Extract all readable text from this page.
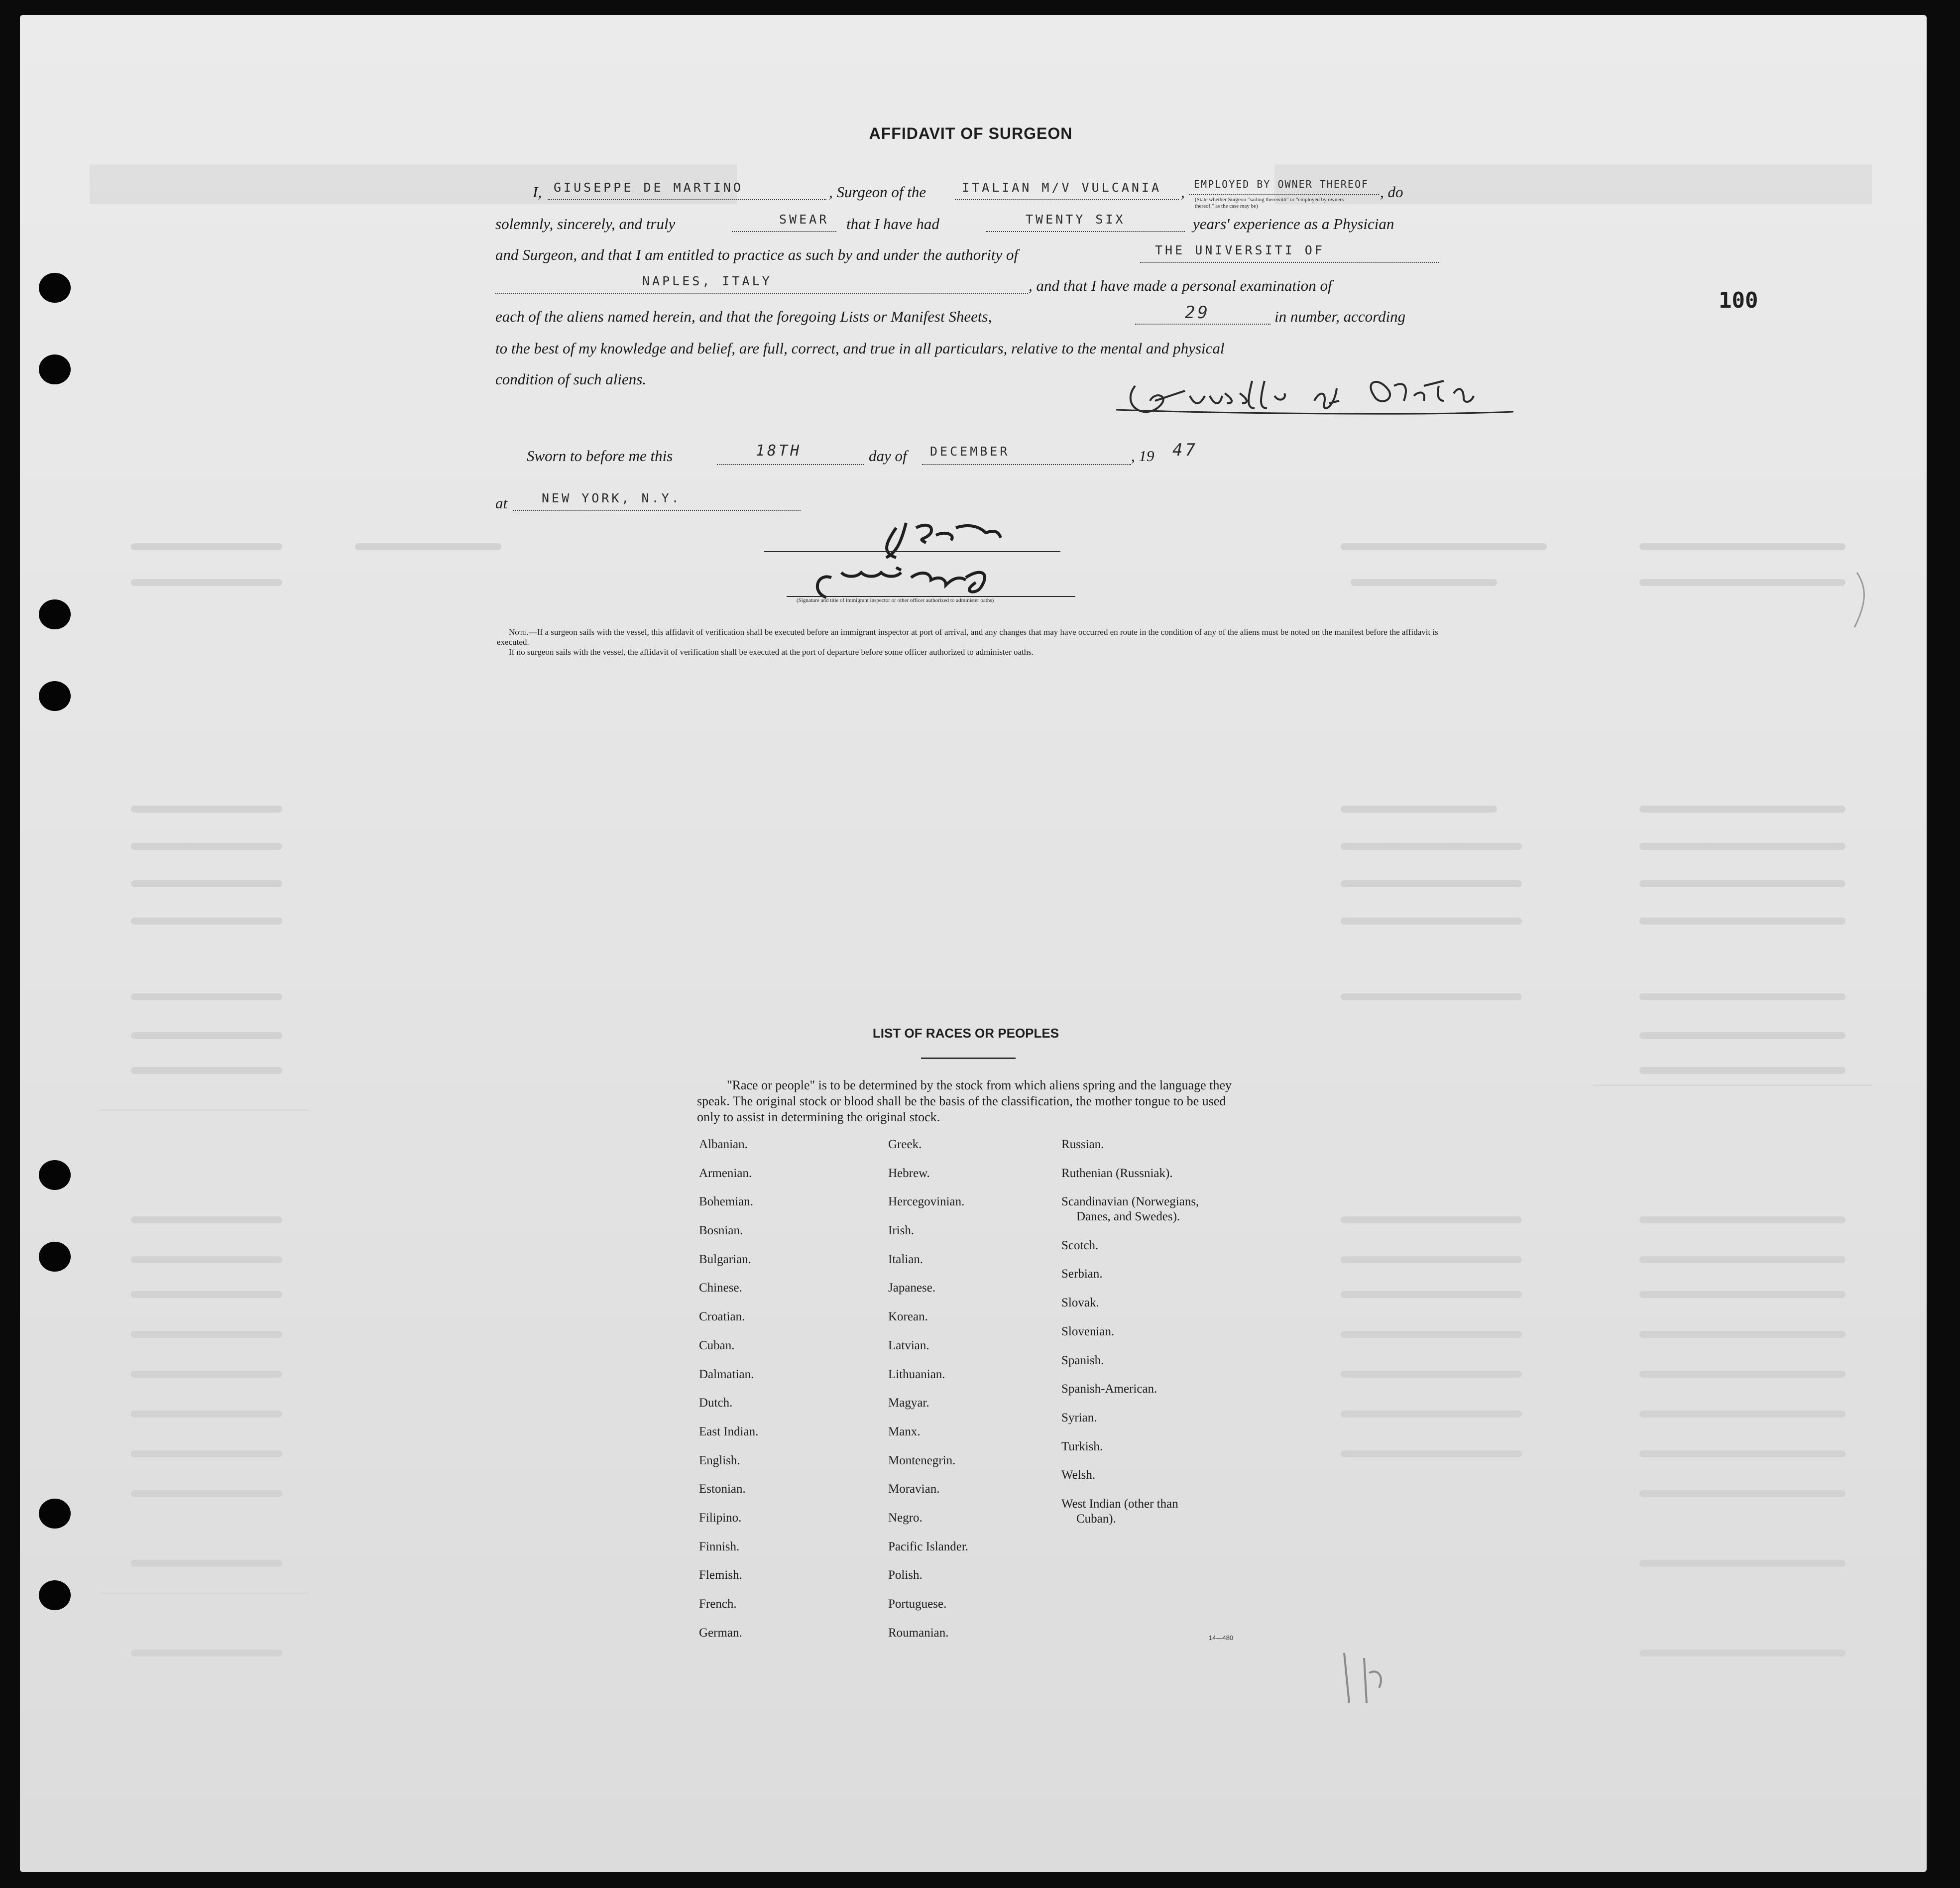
100
AFFIDAVIT OF SURGEON
I, GIUSEPPE DE MARTINO	, Surgeon of the	ITALIAN M/V VULCANIA , EMPLOYED BY OWNER THEREOF , do
(State whether Surgeon "sailing therewith" or "employed by owners thereof," as the case may be)
solemnly, sincerely, and truly	SWEAR that I have had	TWENTY SIX	years' experience as a Physician
and Surgeon, and that I am entitled to practice as such by and under the authority of	THE UNIVERSITI OF
NAPLES, ITALY	, and that I have made a personal examination of
each of the aliens named herein, and that the foregoing Lists or Manifest Sheets,	29	in number, according
to the best of my knowledge and belief, are full, correct, and true in all particulars, relative to the mental and physical
condition of such aliens.
Sworn to before me this	18TH	day of DECEMBER	, 19 47
at	NEW YORK, N.Y.
(Signature and title of immigrant inspector or other officer authorized to administer oaths)

Note.—If a surgeon sails with the vessel, this affidavit of verification shall be executed before an immigrant inspector at port of arrival, and any changes that may have occurred en route in the condition of any of the aliens must be noted on the manifest before the affidavit is executed.

If no surgeon sails with the vessel, the affidavit of verification shall be executed at the port of departure before some officer authorized to administer oaths.

LIST OF RACES OR PEOPLES
"Race or people" is to be determined by the stock from which aliens spring and the language they speak. The original stock or blood shall be the basis of the classification, the mother tongue to be used only to assist in determining the original stock.
Albanian.
Armenian.
Bohemian.
Bosnian.
Bulgarian.
Chinese.
Croatian.
Cuban.
Dalmatian.
Dutch.
East Indian.
English.
Estonian.
Filipino.
Finnish.
Flemish.
French.
German.
Greek.
Hebrew.
Hercegovinian.
Irish.
Italian.
Japanese.
Korean.
Latvian.
Lithuanian.
Magyar.
Manx.
Montenegrin.
Moravian.
Negro.
Pacific Islander.
Polish.
Portuguese.
Roumanian.
Russian.
Ruthenian (Russniak).
Scandinavian (Norwegians,
Danes, and Swedes).
Scotch.
Serbian.
Slovak.
Slovenian.
Spanish.
Spanish-American.
Syrian.
Turkish.
Welsh.
West Indian (other than
Cuban).
14—480
